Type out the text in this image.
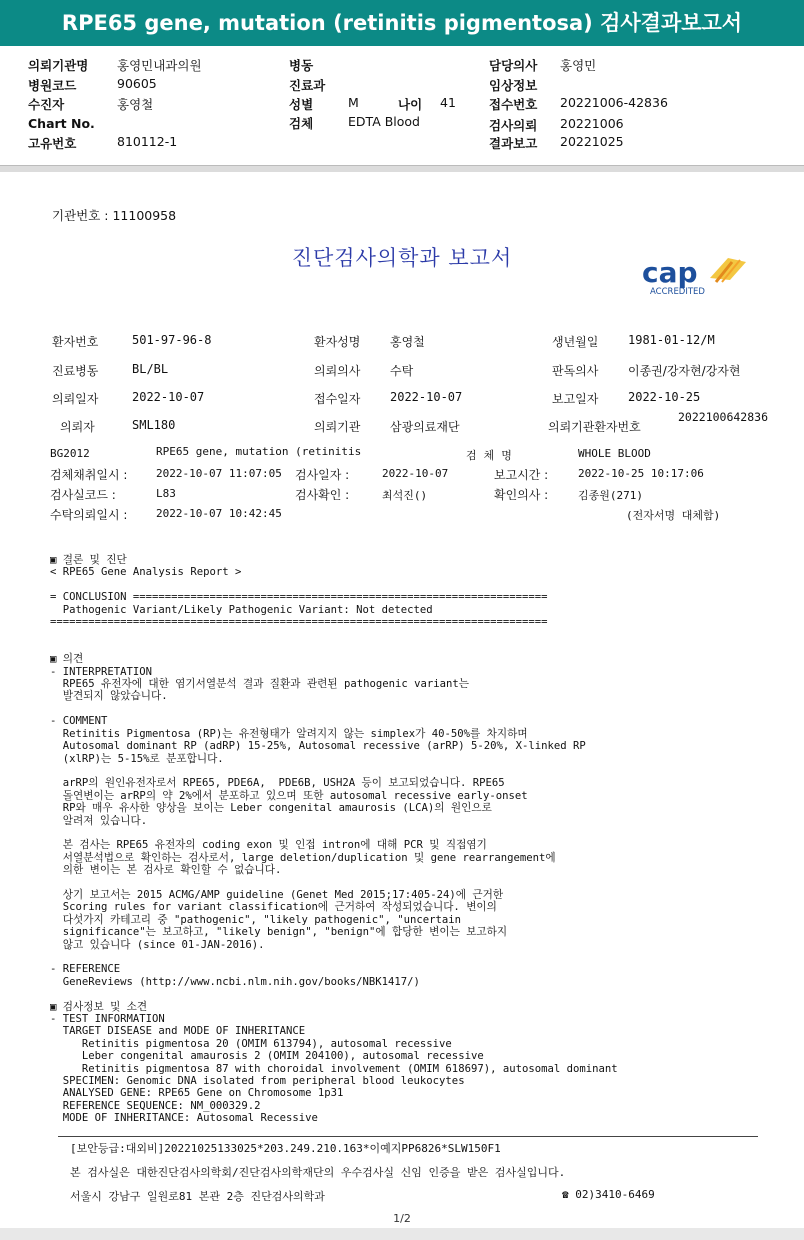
RPE65 gene, mutation (retinitis pigmentosa) 검사결과보고서
의뢰기관명 홍영민내과의원
병원코드	90605
수진자	홍영철
Chart No.
고유번호	810112-1
병동
진료과
성별	M	나이 41
검체	EDTA Blood
담당의사 홍영민
임상정보
접수번호 20221006-42836
검사의뢰 20221006
결과보고 20221025
기관번호 : 11100958
진단검사의학과 보고서	cap
ACCREDITED
환자번호	501-97-96-8	환자성명 홍영철	생년월일 1981-01-12/M
진료병동	BL/BL	의뢰의사 수탁	판독의사 이종권/강자현/강자현
의뢰일자	2022-10-07	접수일자 2022-10-07	보고일자 2022-10-25
의뢰자	SML180	의뢰기관 삼광의료재단	의뢰기관환자번호
2022100642836
BG2012	RPE65 gene, mutation (retinitis	검  체  명	WHOLE BLOOD
검체채취일시 :	2022-10-07 11:07:05 검사일자 :	2022-10-07	보고시간 :	2022-10-25 10:17:06
검사실코드 :	L83	검사확인 :	최석진()	확인의사 :	김종원(271)
수탁의뢰일시 :	2022-10-07 10:42:45	(전자서명 대체함)
▣ 결론 및 진단
< RPE65 Gene Analysis Report >

= CONCLUSION =================================================================
Pathogenic Variant/Likely Pathogenic Variant: Not detected
==============================================================================

▣ 의견
- INTERPRETATION
RPE65 유전자에 대한 염기서열분석 결과 질환과 관련된 pathogenic variant는
발견되지 않았습니다.

- COMMENT
Retinitis Pigmentosa (RP)는 유전형태가 알려지지 않는 simplex가 40-50%를 차지하며
Autosomal dominant RP (adRP) 15-25%, Autosomal recessive (arRP) 5-20%, X-linked RP
(xlRP)는 5-15%로 분포합니다.

arRP의 원인유전자로서 RPE65, PDE6A,  PDE6B, USH2A 등이 보고되었습니다. RPE65
돌연변이는 arRP의 약 2%에서 분포하고 있으며 또한 autosomal recessive early-onset
RP와 매우 유사한 양상을 보이는 Leber congenital amaurosis (LCA)의 원인으로
알려져 있습니다.

본 검사는 RPE65 유전자의 coding exon 및 인접 intron에 대해 PCR 및 직접염기
서열분석법으로 확인하는 검사로서, large deletion/duplication 및 gene rearrangement에
의한 변이는 본 검사로 확인할 수 없습니다.

상기 보고서는 2015 ACMG/AMP guideline (Genet Med 2015;17:405-24)에 근거한
Scoring rules for variant classification에 근거하여 작성되었습니다. 변이의
다섯가지 카테고리 중 "pathogenic", "likely pathogenic", "uncertain
significance"는 보고하고, "likely benign", "benign"에 합당한 변이는 보고하지
않고 있습니다 (since 01-JAN-2016).

- REFERENCE
GeneReviews (http://www.ncbi.nlm.nih.gov/books/NBK1417/)

▣ 검사정보 및 소견
- TEST INFORMATION
TARGET DISEASE and MODE OF INHERITANCE
Retinitis pigmentosa 20 (OMIM 613794), autosomal recessive
Leber congenital amaurosis 2 (OMIM 204100), autosomal recessive
Retinitis pigmentosa 87 with choroidal involvement (OMIM 618697), autosomal dominant
SPECIMEN: Genomic DNA isolated from peripheral blood leukocytes
ANALYSED GENE: RPE65 Gene on Chromosome 1p31
REFERENCE SEQUENCE: NM_000329.2
MODE OF INHERITANCE: Autosomal Recessive
[보안등급:대외비]20221025133025*203.249.210.163*이예지PP6826*SLW150F1
본 검사실은 대한진단검사의학회/진단검사의학재단의 우수검사실 신임 인증을 받은 검사실입니다.
서울시 강남구 일원로81 본관 2층 진단검사의학과	☎ 02)3410-6469
1/2
